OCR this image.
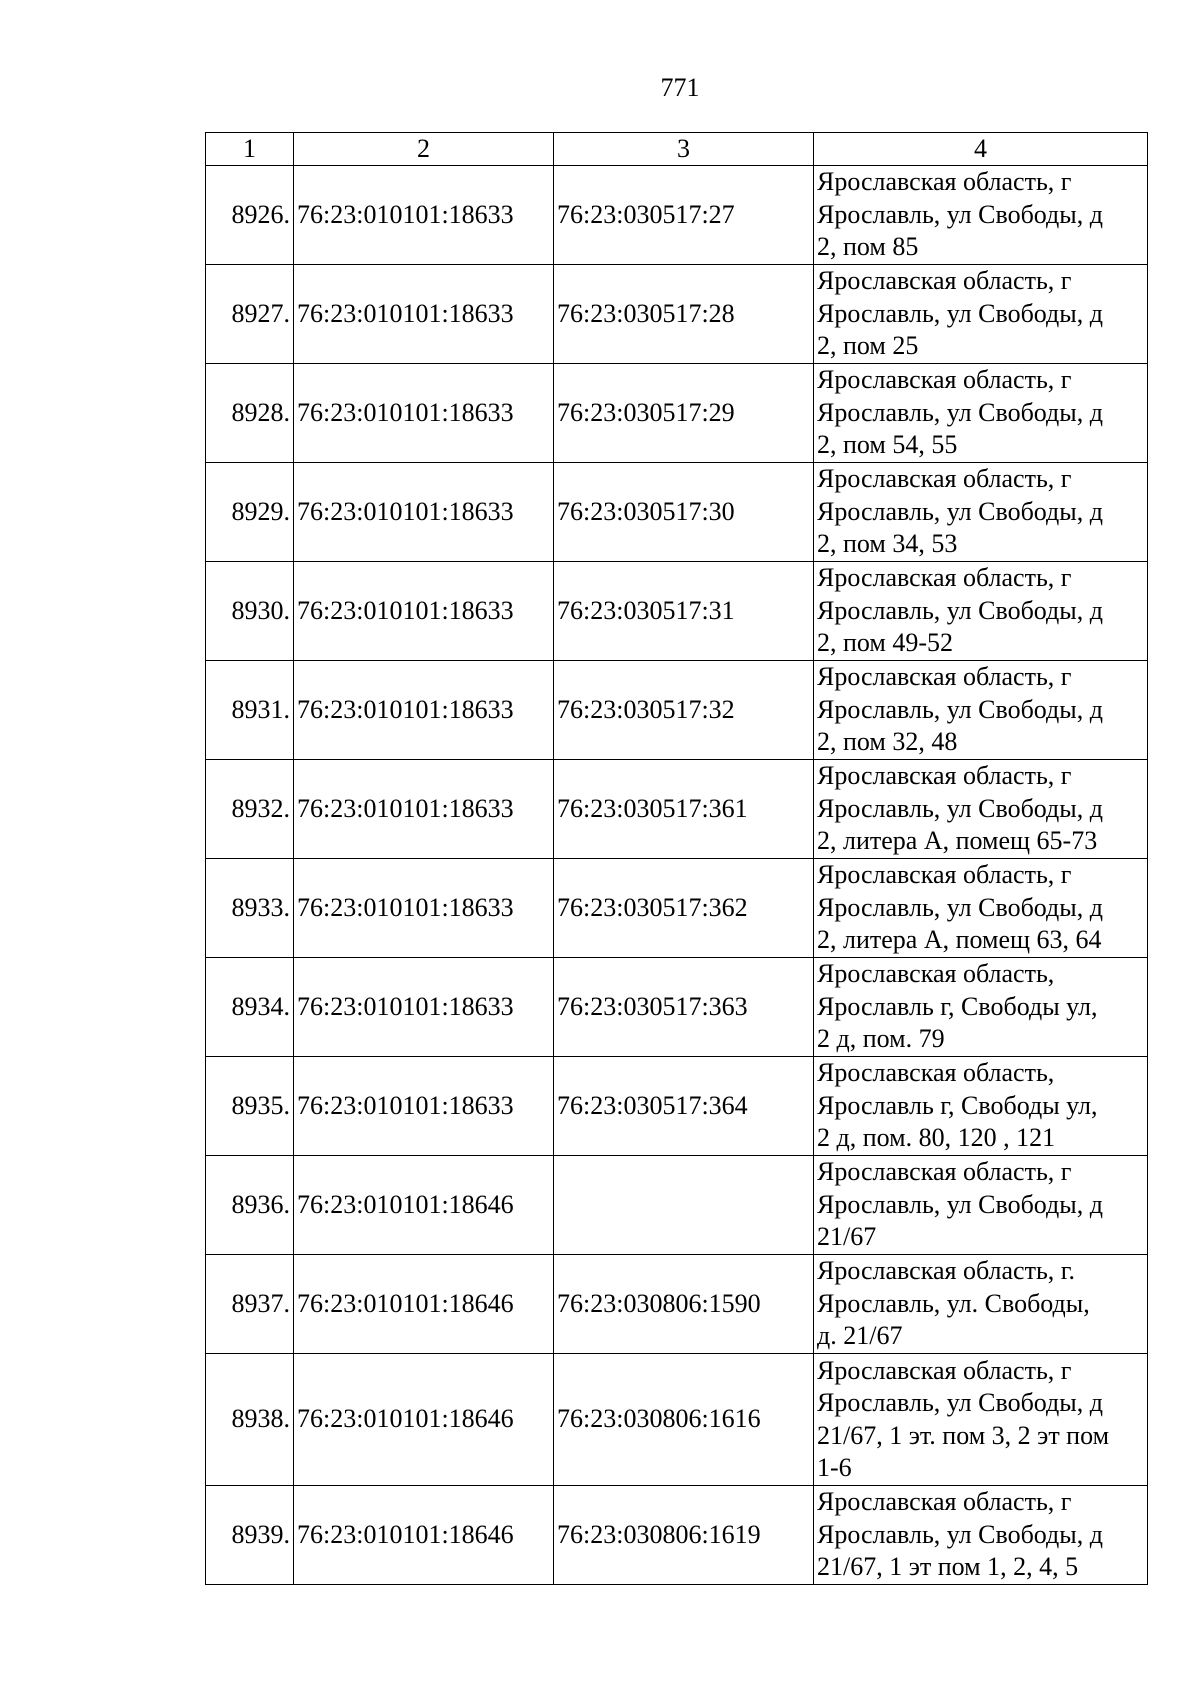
771
1	2	3	4
8926.	76:23:010101:18633	76:23:030517:27	Ярославская область, г
Ярославль, ул Свободы, д
2, пом 85

8927.	76:23:010101:18633	76:23:030517:28	Ярославская область, г
Ярославль, ул Свободы, д
2, пом 25

8928.	76:23:010101:18633	76:23:030517:29	Ярославская область, г
Ярославль, ул Свободы, д
2, пом 54, 55

8929.	76:23:010101:18633	76:23:030517:30	Ярославская область, г
Ярославль, ул Свободы, д
2, пом 34, 53

8930.	76:23:010101:18633	76:23:030517:31	Ярославская область, г
Ярославль, ул Свободы, д
2, пом 49-52

8931.	76:23:010101:18633	76:23:030517:32	Ярославская область, г
Ярославль, ул Свободы, д
2, пом 32, 48

8932.	76:23:010101:18633	76:23:030517:361	Ярославская область, г
Ярославль, ул Свободы, д
2, литера А, помещ 65-73

8933.	76:23:010101:18633	76:23:030517:362	Ярославская область, г
Ярославль, ул Свободы, д
2, литера А, помещ 63, 64

8934.	76:23:010101:18633	76:23:030517:363	Ярославская область,
Ярославль г, Свободы ул,
2 д, пом. 79

8935.	76:23:010101:18633	76:23:030517:364	Ярославская область,
Ярославль г, Свободы ул,
2 д, пом. 80, 120 , 121

8936.	76:23:010101:18646		Ярославская область, г
Ярославль, ул Свободы, д
21/67

8937.	76:23:010101:18646	76:23:030806:1590	Ярославская область, г.
Ярославль, ул. Свободы,
д. 21/67

8938.	76:23:010101:18646	76:23:030806:1616	Ярославская область, г
Ярославль, ул Свободы, д
21/67, 1 эт. пом 3, 2 эт пом
1-6

8939.	76:23:010101:18646	76:23:030806:1619	Ярославская область, г
Ярославль, ул Свободы, д
21/67, 1 эт пом 1, 2, 4, 5
